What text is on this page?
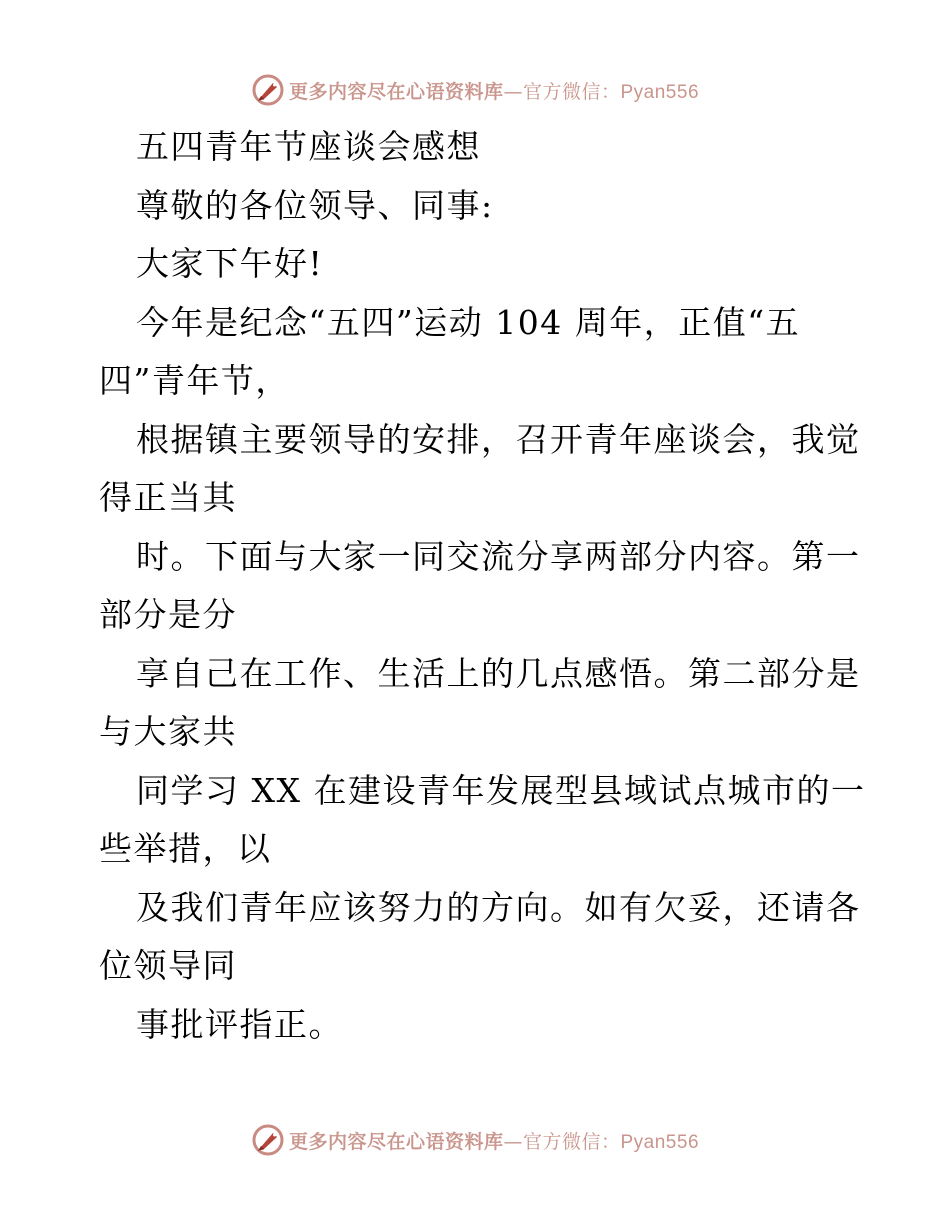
更多内容尽在心语资料库—官方微信：Pyan556
五四青年节座谈会感想
尊敬的各位领导、同事:
大家下午好!
今年是纪念“五四”运动 104 周年，正值“五
四”青年节，
根据镇主要领导的安排，召开青年座谈会，我觉
得正当其
时。下面与大家一同交流分享两部分内容。第一
部分是分
享自己在工作、生活上的几点感悟。第二部分是
与大家共
同学习 XX 在建设青年发展型县域试点城市的一
些举措，以
及我们青年应该努力的方向。如有欠妥，还请各
位领导同
事批评指正。
更多内容尽在心语资料库—官方微信：Pyan556
